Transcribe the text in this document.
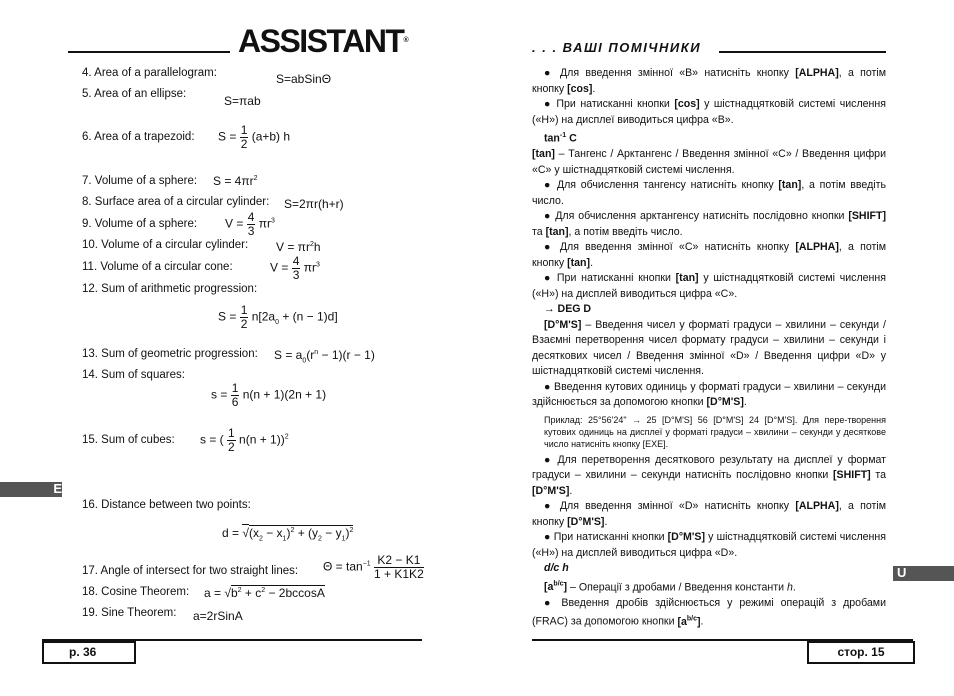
ASSISTANT®
4. Area of a parallelogram:	S=abSinΘ
5. Area of an ellipse:	S=πab
6. Area of a trapezoid: $S = \frac{1}{2} (a+b)$ h
7. Volume of a sphere: $S = 4\pi r^2$
8. Surface area of a circular cylinder: S=2πr(h+r)
9. Volume of a sphere: $V = \frac{4}{3} \pi r^3$
10. Volume of a circular cylinder: $V = \pi r^2h$
11. Volume of a circular cone:	$V = \frac{4}{3} \pi r^3$
12. Sum of arithmetic progression:
$S = \frac{1}{2} n[2a_0 + (n - 1)d]$
13. Sum of geometric progression: $S = a_0(r^n - 1)(r - 1)$
14. Sum of squares:
$s = \frac{1}{6} n(n + 1)(2n + 1)$
15. Sum of cubes: s = ( $\frac{1}{2} n(n + 1))^2$
E
16. Distance between two points:
$d = √(x_2 - x_1)^2 + (y_2 - y_1)^2$
17. Angle of intersect for two straight lines: $\Theta = \tan^{-1} \frac{K2 - K1}{1 + K1K2}$
18. Cosine Theorem: $a = √b^2 + c^2 - 2bccosA$
19. Sine Theorem: a=2rSinA
p. 36
. . . ВАШІ ПОМІЧНИКИ

● Для введення змінної «В» натисніть кнопку [ALPHA], а потім кнопку [cos].

● При натисканні кнопки [cos] у шістнадцятковій системі числення («Н») на дисплеї виводиться цифра «В».

$\tan^{-1} C$

[tan] – Тангенс / Арктангенс / Введення змінної «С» / Введення цифри «С» у шістнадцятковій системі числення.

● Для обчислення тангенсу натисніть кнопку [tan], а потім введіть число.

● Для обчислення арктангенсу натисніть послідовно кнопки [SHIFT] та [tan], а потім введіть число.

● Для введення змінної «С» натисніть кнопку [ALPHA], а потім кнопку [tan].

● При натисканні кнопки [tan] у шістнадцятковій системі числення («Н») на дисплей виводиться цифра «С».

→ DEG D

[D°M'S] – Введення чисел у форматі градуси – хвилини – секунди / Взаємні перетворення чисел формату градуси – хвилини – секунди і десяткових чисел / Введення змінної «D» / Введення цифри «D» у шістнадцятковій системі числення.

● Введення кутових одиниць у форматі градуси – хвилини – секунди здійснюється за допомогою кнопки [D°M'S].

Приклад: 25°56'24" → 25 [D°M'S] 56 [D°M'S] 24 [D°M'S]. Для пере-творення кутових одиниць на дисплеї у форматі градуси – хвилини – секунди у десяткове число натисніть кнопку [EXE].

● Для перетворення десяткового результату на дисплеї у формат градуси – хвилини – секунди натисніть послідовно кнопки [SHIFT] та [D°M'S].

● Для введення змінної «D» натисніть кнопку [ALPHA], а потім кнопку [D°M'S].

● При натисканні кнопки [D°M'S] у шістнадцятковій системі числення («Н») на дисплей виводиться цифра «D».

d/c h

$[a^{b/c}]$ – Операції з дробами / Введення константи h.

● Введення дробів здійснюється у режимі операцій з дробами (FRAC) за допомогою кнопки $[a^{b/c}]$.

U
стор. 15
